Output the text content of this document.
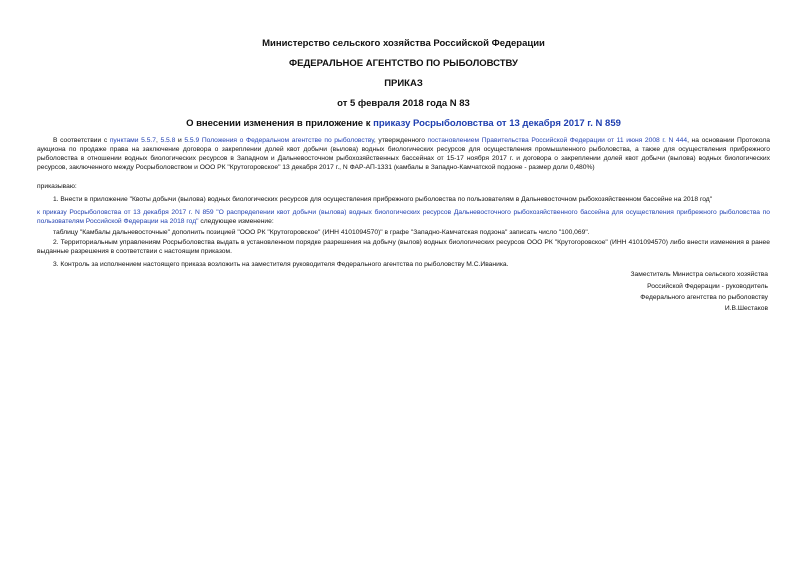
Министерство сельского хозяйства Российской Федерации
ФЕДЕРАЛЬНОЕ АГЕНТСТВО ПО РЫБОЛОВСТВУ
ПРИКАЗ
от 5 февраля 2018 года N 83
О внесении изменения в приложение к приказу Росрыболовства от 13 декабря 2017 г. N 859
В соответствии с пунктами 5.5.7, 5.5.8 и 5.5.9 Положения о Федеральном агентстве по рыболовству, утвержденного постановлением Правительства Российской Федерации от 11 июня 2008 г. N 444, на основании Протокола аукциона по продаже права на заключение договора о закреплении долей квот добычи (вылова) водных биологических ресурсов для осуществления промышленного рыболовства, а также для осуществления прибрежного рыболовства в отношении водных биологических ресурсов в Западном и Дальневосточном рыбохозяйственных бассейнах от 15-17 ноября 2017 г. и договора о закреплении долей квот добычи (вылова) водных биологических ресурсов, заключенного между Росрыболовством и ООО РК "Крутогоровское" 13 декабря 2017 г., N ФАР-АП-1331 (камбалы в Западно-Камчатской подзоне - размер доли 0,480%)
приказываю:
1. Внести в приложение "Квоты добычи (вылова) водных биологических ресурсов для осуществления прибрежного рыболовства по пользователям в Дальневосточном рыбохозяйственном бассейне на 2018 год"
к приказу Росрыболовства от 13 декабря 2017 г. N 859 "О распределении квот добычи (вылова) водных биологических ресурсов Дальневосточного рыбохозяйственного бассейна для осуществления прибрежного рыболовства по пользователям Российской Федерации на 2018 год" следующее изменение:
таблицу "Камбалы дальневосточные" дополнить позицией "ООО РК "Крутогоровское" (ИНН 4101094570)" в графе "Западно-Камчатская подзона" записать число "100,069".
2. Территориальным управлениям Росрыболовства выдать в установленном порядке разрешения на добычу (вылов) водных биологических ресурсов ООО РК "Крутогоровское" (ИНН 4101094570) либо внести изменения в ранее выданные разрешения в соответствии с настоящим приказом.
3. Контроль за исполнением настоящего приказа возложить на заместителя руководителя Федерального агентства по рыболовству М.С.Иваника.
Заместитель Министра сельского хозяйства
Российской Федерации - руководитель
Федерального агентства по рыболовству
И.В.Шестаков
